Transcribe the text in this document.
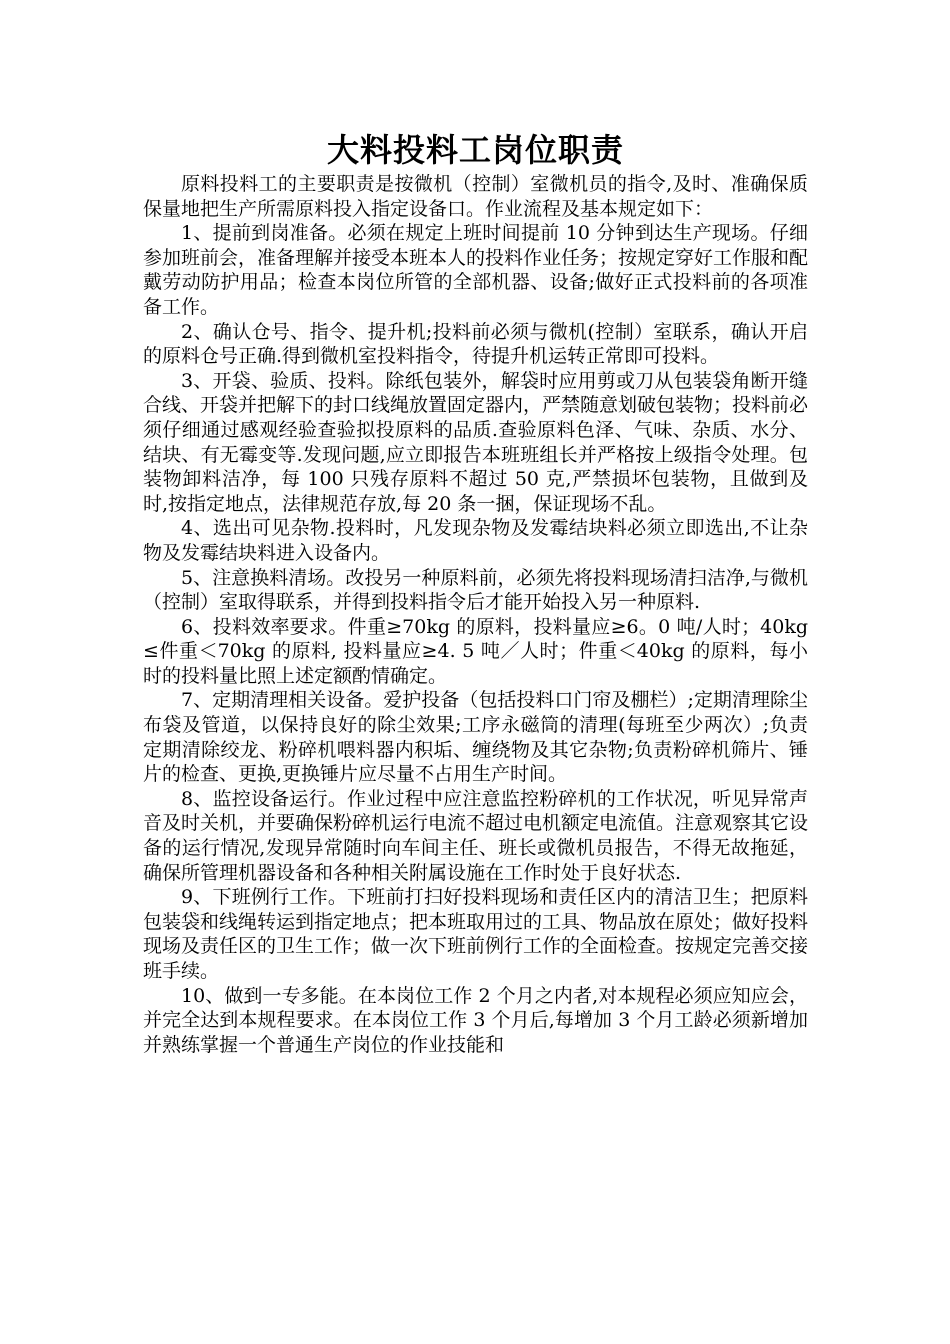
大料投料工岗位职责

原料投料工的主要职责是按微机（控制）室微机员的指令,及时、准确保质保量地把生产所需原料投入指定设备口。作业流程及基本规定如下：

1、提前到岗准备。必须在规定上班时间提前 10 分钟到达生产现场。仔细参加班前会，准备理解并接受本班本人的投料作业任务；按规定穿好工作服和配戴劳动防护用品；检查本岗位所管的全部机器、设备;做好正式投料前的各项准备工作。

2、确认仓号、指令、提升机;投料前必须与微机(控制）室联系，确认开启的原料仓号正确.得到微机室投料指令，待提升机运转正常即可投料。

3、开袋、验质、投料。除纸包装外，解袋时应用剪或刀从包装袋角断开缝合线、开袋并把解下的封口线绳放置固定器内，严禁随意划破包装物；投料前必须仔细通过感观经验查验拟投原料的品质.查验原料色泽、气味、杂质、水分、结块、有无霉变等.发现问题,应立即报告本班班组长并严格按上级指令处理。包装物卸料洁净，每 100 只残存原料不超过 50 克,严禁损坏包装物，且做到及时,按指定地点，法律规范存放,每 20 条一捆，保证现场不乱。

4、选出可见杂物.投料时，凡发现杂物及发霉结块料必须立即选出,不让杂物及发霉结块料进入设备内。

5、注意换料清场。改投另一种原料前，必须先将投料现场清扫洁净,与微机（控制）室取得联系，并得到投料指令后才能开始投入另一种原料.

6、投料效率要求。件重≥70kg 的原料，投料量应≥6。0 吨/人时；40kg≤件重＜70kg 的原料, 投料量应≥4. 5 吨／人时；件重＜40kg 的原料，每小时的投料量比照上述定额酌情确定。

7、定期清理相关设备。爱护投备（包括投料口门帘及棚栏）;定期清理除尘布袋及管道，以保持良好的除尘效果;工序永磁筒的清理(每班至少两次）;负责定期清除绞龙、粉碎机喂料器内积垢、缠绕物及其它杂物;负责粉碎机筛片、锤片的检查、更换,更换锤片应尽量不占用生产时间。

8、监控设备运行。作业过程中应注意监控粉碎机的工作状况，听见异常声音及时关机，并要确保粉碎机运行电流不超过电机额定电流值。注意观察其它设备的运行情况,发现异常随时向车间主任、班长或微机员报告，不得无故拖延，确保所管理机器设备和各种相关附属设施在工作时处于良好状态.

9、下班例行工作。下班前打扫好投料现场和责任区内的清洁卫生；把原料包装袋和线绳转运到指定地点；把本班取用过的工具、物品放在原处；做好投料现场及责任区的卫生工作；做一次下班前例行工作的全面检查。按规定完善交接班手续。

10、做到一专多能。在本岗位工作 2 个月之内者,对本规程必须应知应会，并完全达到本规程要求。在本岗位工作 3 个月后,每增加 3 个月工龄必须新增加并熟练掌握一个普通生产岗位的作业技能和
